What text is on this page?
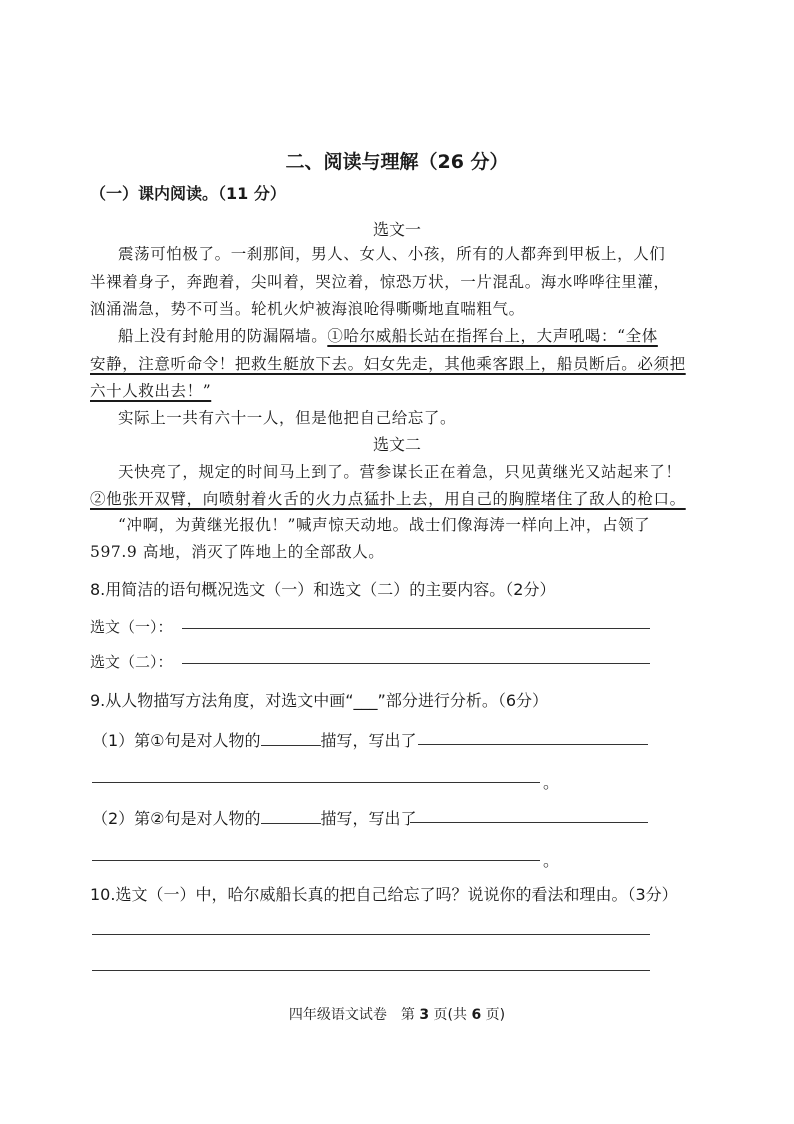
二、阅读与理解（26 分）
（一）课内阅读。（11 分）
选文一
震荡可怕极了。一刹那间，男人、女人、小孩，所有的人都奔到甲板上，人们
半裸着身子，奔跑着，尖叫着，哭泣着，惊恐万状，一片混乱。海水哗哗往里灌，
汹涌湍急，势不可当。轮机火炉被海浪呛得嘶嘶地直喘粗气。
船上没有封舱用的防漏隔墙。①哈尔威船长站在指挥台上，大声吼喝：“全体
安静，注意听命令！把救生艇放下去。妇女先走，其他乘客跟上，船员断后。必须把
六十人救出去！”
实际上一共有六十一人，但是他把自己给忘了。
选文二
天快亮了，规定的时间马上到了。营参谋长正在着急，只见黄继光又站起来了！
②他张开双臂，向喷射着火舌的火力点猛扑上去，用自己的胸膛堵住了敌人的枪口。
“冲啊，为黄继光报仇！”喊声惊天动地。战士们像海涛一样向上冲，占领了
597.9 高地，消灭了阵地上的全部敌人。
8.用简洁的语句概况选文（一）和选文（二）的主要内容。（2分）
选文（一）：
选文（二）：
9.从人物描写方法角度，对选文中画“___”部分进行分析。（6分）
（1）第①句是对人物的	描写，写出了
。
（2）第②句是对人物的	描写，写出了
。
10.选文（一）中，哈尔威船长真的把自己给忘了吗？说说你的看法和理由。（3分）
四年级语文试卷　第 3 页(共 6 页)
